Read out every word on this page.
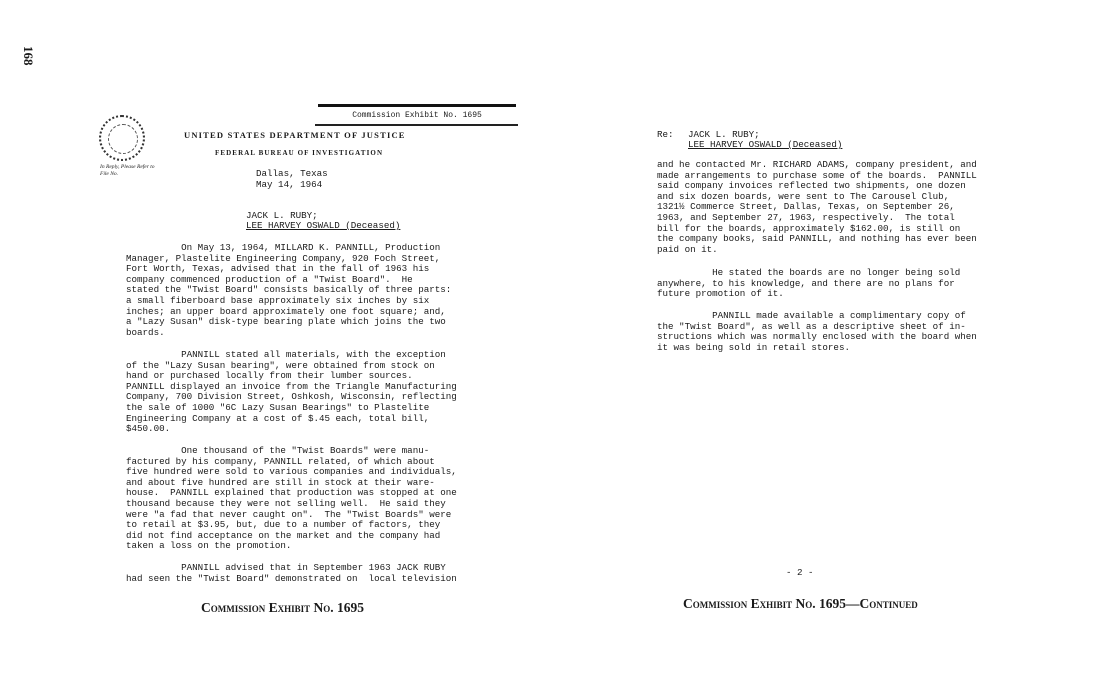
168
Commission Exhibit No. 1695
UNITED STATES DEPARTMENT OF JUSTICE
FEDERAL BUREAU OF INVESTIGATION
In Reply, Please Refer to
File No.	Dallas, Texas
May 14, 1964
JACK L. RUBY;
LEE HARVEY OSWALD (Deceased)
On May 13, 1964, MILLARD K. PANNILL, Production
Manager, Plastelite Engineering Company, 920 Foch Street,
Fort Worth, Texas, advised that in the fall of 1963 his
company commenced production of a "Twist Board".  He
stated the "Twist Board" consists basically of three parts:
a small fiberboard base approximately six inches by six
inches; an upper board approximately one foot square; and,
a "Lazy Susan" disk-type bearing plate which joins the two
boards.
PANNILL stated all materials, with the exception
of the "Lazy Susan bearing", were obtained from stock on
hand or purchased locally from their lumber sources.
PANNILL displayed an invoice from the Triangle Manufacturing
Company, 700 Division Street, Oshkosh, Wisconsin, reflecting
the sale of 1000 "6C Lazy Susan Bearings" to Plastelite
Engineering Company at a cost of $.45 each, total bill,
$450.00.
One thousand of the "Twist Boards" were manu-
factured by his company, PANNILL related, of which about
five hundred were sold to various companies and individuals,
and about five hundred are still in stock at their ware-
house.  PANNILL explained that production was stopped at one
thousand because they were not selling well.  He said they
were "a fad that never caught on".  The "Twist Boards" were
to retail at $3.95, but, due to a number of factors, they
did not find acceptance on the market and the company had
taken a loss on the promotion.
PANNILL advised that in September 1963 JACK RUBY
had seen the "Twist Board" demonstrated on  local television
Commission Exhibit No. 1695
Re: JACK L. RUBY;
LEE HARVEY OSWALD (Deceased)
and he contacted Mr. RICHARD ADAMS, company president, and
made arrangements to purchase some of the boards.  PANNILL
said company invoices reflected two shipments, one dozen
and six dozen boards, were sent to The Carousel Club,
1321½ Commerce Street, Dallas, Texas, on September 26,
1963, and September 27, 1963, respectively.  The total
bill for the boards, approximately $162.00, is still on
the company books, said PANNILL, and nothing has ever been
paid on it.
He stated the boards are no longer being sold
anywhere, to his knowledge, and there are no plans for
future promotion of it.
PANNILL made available a complimentary copy of
the "Twist Board", as well as a descriptive sheet of in-
structions which was normally enclosed with the board when
it was being sold in retail stores.
- 2 -
Commission Exhibit No. 1695—Continued
